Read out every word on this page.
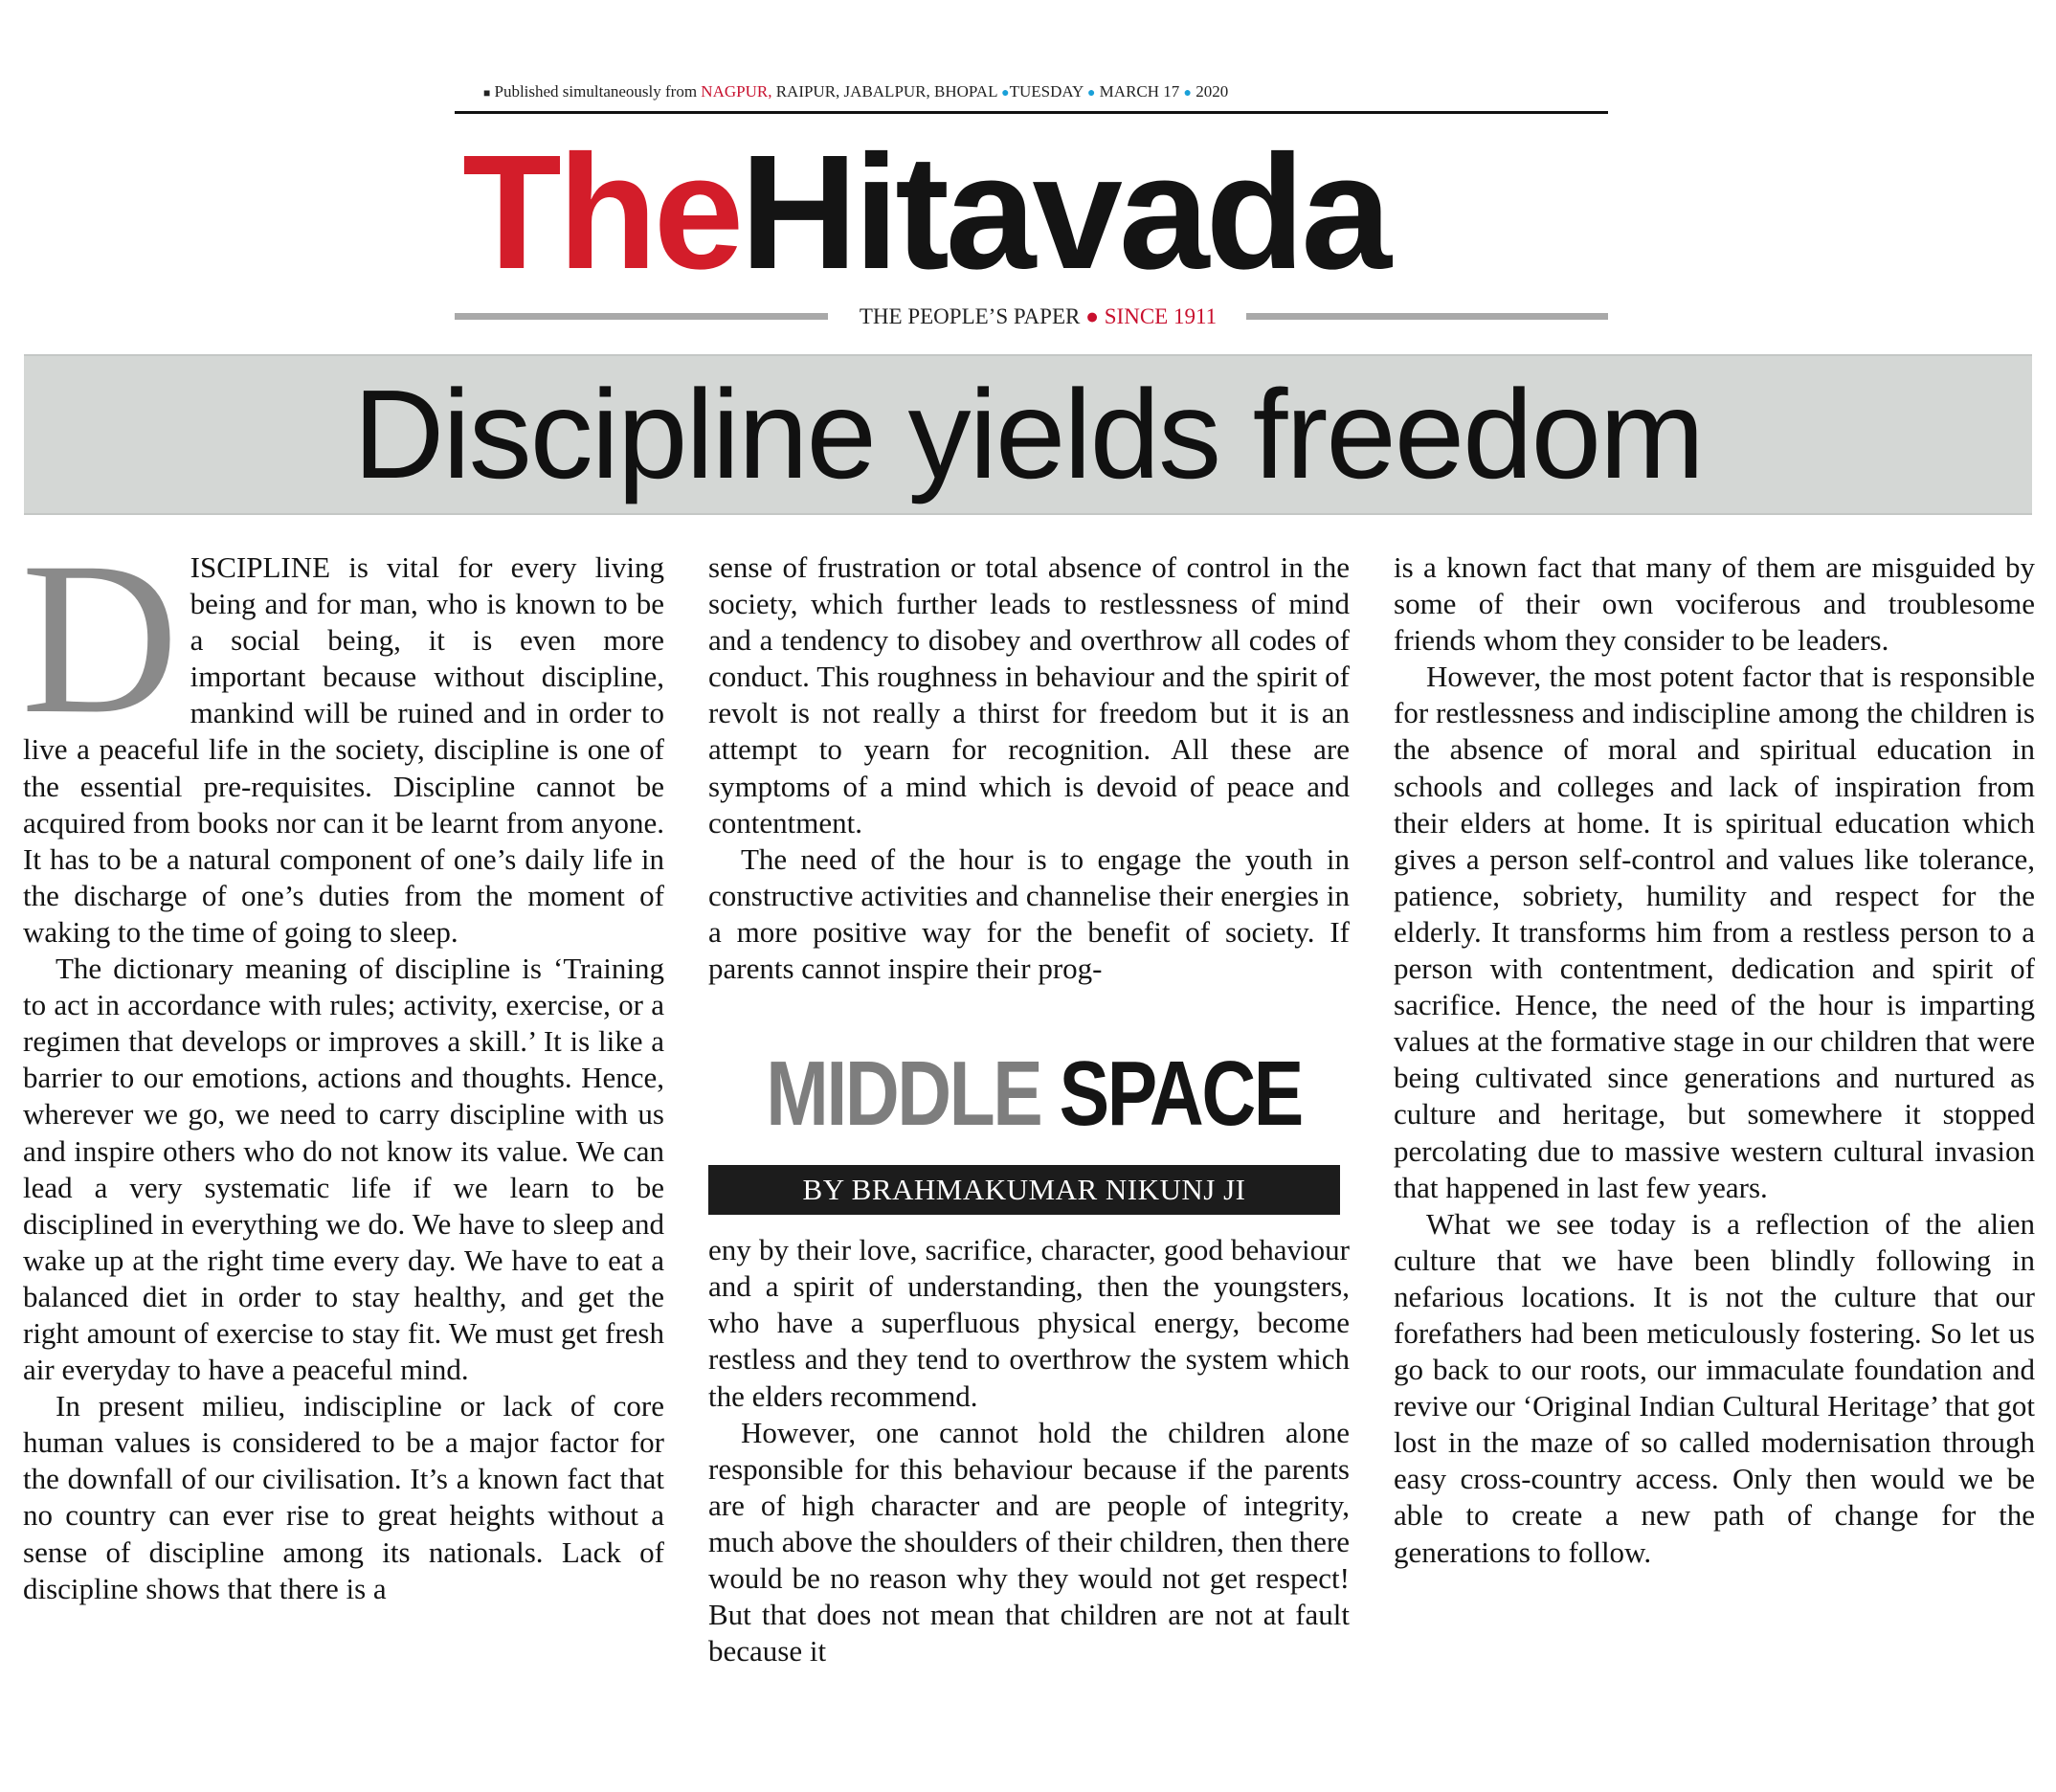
■ Published simultaneously from NAGPUR, RAIPUR, JABALPUR, BHOPAL ●TUESDAY ● MARCH 17 ● 2020
TheHitavada
THE PEOPLE’S PAPER ● SINCE 1911
Discipline yields freedom

DISCIPLINE is vital for every living being and for man, who is known to be a social being, it is even more important because without discipline, mankind will be ruined and in order to live a peaceful life in the society, discipline is one of the essential pre-requisites. Discipline cannot be acquired from books nor can it be learnt from anyone. It has to be a natural component of one’s daily life in the discharge of one’s duties from the moment of waking to the time of going to sleep.

The dictionary meaning of discipline is ‘Training to act in accordance with rules; activity, exercise, or a regimen that develops or improves a skill.’ It is like a barrier to our emotions, actions and thoughts. Hence, wherever we go, we need to carry discipline with us and inspire others who do not know its value. We can lead a very systematic life if we learn to be disciplined in everything we do. We have to sleep and wake up at the right time every day. We have to eat a balanced diet in order to stay healthy, and get the right amount of exercise to stay fit. We must get fresh air everyday to have a peaceful mind.

In present milieu, indiscipline or lack of core human values is considered to be a major factor for the downfall of our civilisation. It’s a known fact that no country can ever rise to great heights without a sense of discipline among its nationals. Lack of discipline shows that there is a

sense of frustration or total absence of control in the society, which further leads to restlessness of mind and a tendency to disobey and overthrow all codes of conduct. This roughness in behaviour and the spirit of revolt is not really a thirst for freedom but it is an attempt to yearn for recognition. All these are symptoms of a mind which is devoid of peace and contentment.

The need of the hour is to engage the youth in constructive activities and channelise their energies in a more positive way for the benefit of society. If parents cannot inspire their prog-

MIDDLE SPACE
BY BRAHMAKUMAR NIKUNJ JI

eny by their love, sacrifice, character, good behaviour and a spirit of understanding, then the youngsters, who have a superfluous physical energy, become restless and they tend to overthrow the system which the elders recommend.

However, one cannot hold the children alone responsible for this behaviour because if the parents are of high character and are people of integrity, much above the shoulders of their children, then there would be no reason why they would not get respect! But that does not mean that children are not at fault because it

is a known fact that many of them are misguided by some of their own vociferous and troublesome friends whom they consider to be leaders.

However, the most potent factor that is responsible for restlessness and indiscipline among the children is the absence of moral and spiritual education in schools and colleges and lack of inspiration from their elders at home. It is spiritual education which gives a person self-control and values like tolerance, patience, sobriety, humility and respect for the elderly. It transforms him from a restless person to a person with contentment, dedication and spirit of sacrifice. Hence, the need of the hour is imparting values at the formative stage in our children that were being cultivated since generations and nurtured as culture and heritage, but somewhere it stopped percolating due to massive western cultural invasion that happened in last few years.

What we see today is a reflection of the alien culture that we have been blindly following in nefarious locations. It is not the culture that our forefathers had been meticulously fostering. So let us go back to our roots, our immaculate foundation and revive our ‘Original Indian Cultural Heritage’ that got lost in the maze of so called modernisation through easy cross-country access. Only then would we be able to create a new path of change for the generations to follow.
